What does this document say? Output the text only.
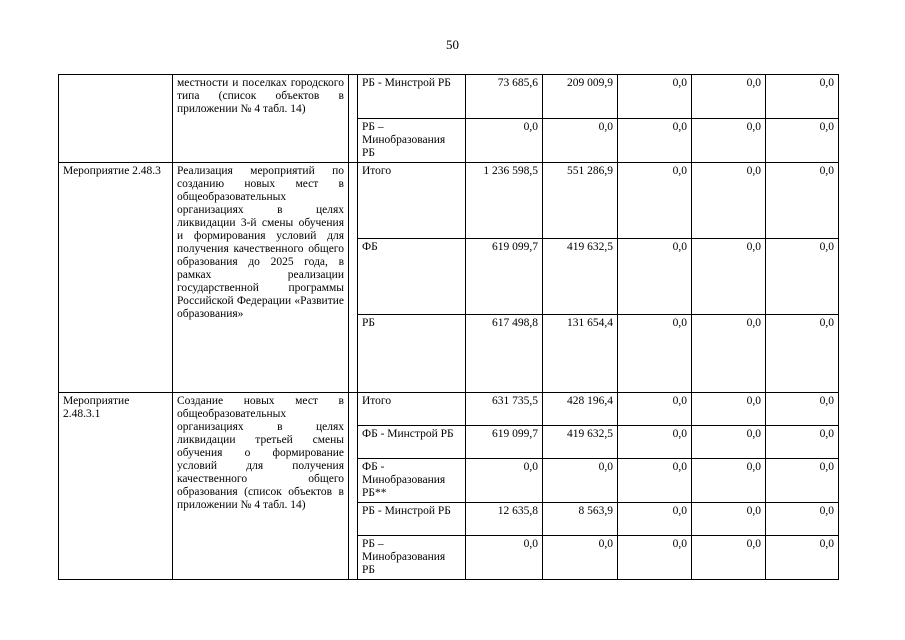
50
	местности и поселках городского типа (список объектов в приложении № 4 табл. 14)		РБ - Минстрой РБ	73 685,6	209 009,9	0,0	0,0	0,0
			РБ – Минобразования РБ	0,0	0,0	0,0	0,0	0,0
Мероприятие 2.48.3	Реализация мероприятий по созданию новых мест в общеобразовательных организациях в целях ликвидации 3-й смены обучения и формирования условий для получения качественного общего образования до 2025 года, в рамках реализации государственной программы Российской Федерации «Развитие образования»		Итого	1 236 598,5	551 286,9	0,0	0,0	0,0
			ФБ	619 099,7	419 632,5	0,0	0,0	0,0
			РБ	617 498,8	131 654,4	0,0	0,0	0,0
Мероприятие 2.48.3.1	Создание новых мест в общеобразовательных организациях в целях ликвидации третьей смены обучения о формирование условий для получения качественного общего образования (список объектов в приложении № 4 табл. 14)		Итого	631 735,5	428 196,4	0,0	0,0	0,0
			ФБ - Минстрой РБ	619 099,7	419 632,5	0,0	0,0	0,0
			ФБ - Минобразования РБ**	0,0	0,0	0,0	0,0	0,0
			РБ - Минстрой РБ	12 635,8	8 563,9	0,0	0,0	0,0
			РБ – Минобразования РБ	0,0	0,0	0,0	0,0	0,0
